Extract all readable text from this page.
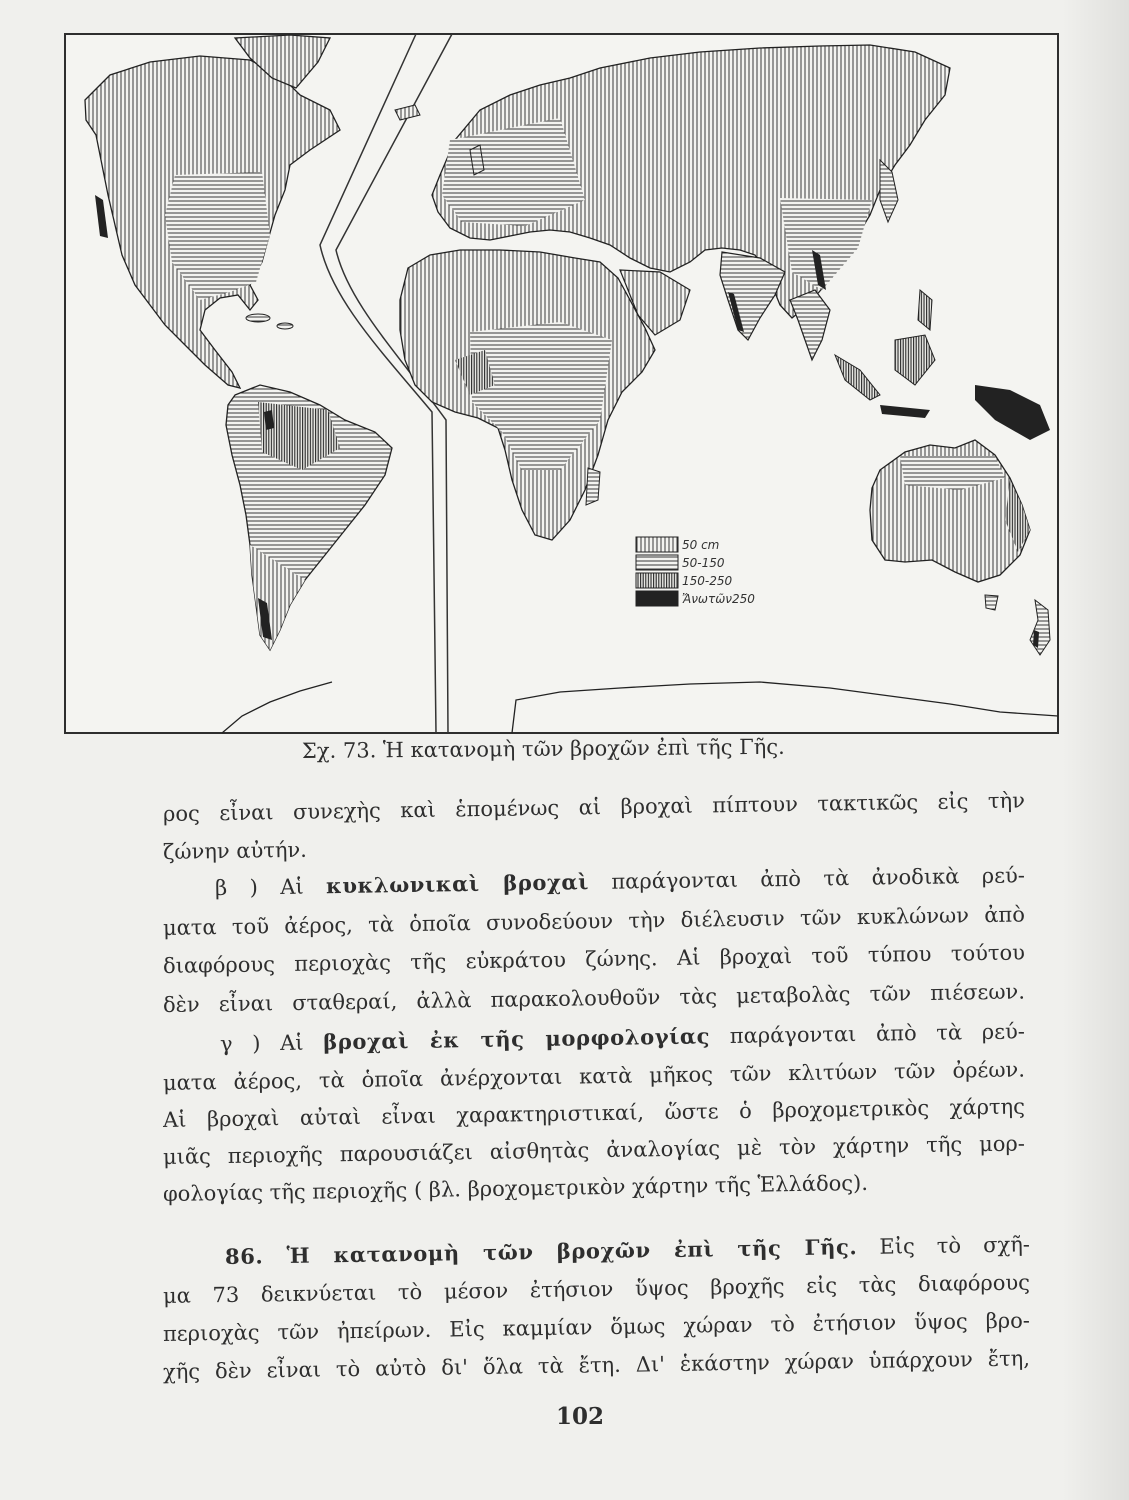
50 cm
50-150
150-250
Ἄνωτῶν250
Σχ. 73. Ἡ κατανομὴ τῶν βροχῶν ἐπὶ τῆς Γῆς.
ρος εἶναι συνεχὴς καὶ ἑπομένως αἱ βροχαὶ πίπτουν τακτικῶς εἰς τὴν
ζώνην αὐτήν.
β ) Αἱ κυκλωνικαὶ βροχαὶ παράγονται ἀπὸ τὰ ἀνοδικὰ ρεύ-
ματα τοῦ ἀέρος, τὰ ὁποῖα συνοδεύουν τὴν διέλευσιν τῶν κυκλώνων ἀπὸ
διαφόρους περιοχὰς τῆς εὐκράτου ζώνης. Αἱ βροχαὶ τοῦ τύπου τούτου
δὲν εἶναι σταθεραί, ἀλλὰ παρακολουθοῦν τὰς μεταβολὰς τῶν πιέσεων.
γ ) Αἱ βροχαὶ ἐκ τῆς μορφολογίας παράγονται ἀπὸ τὰ ρεύ-
ματα ἀέρος, τὰ ὁποῖα ἀνέρχονται κατὰ μῆκος τῶν κλιτύων τῶν ὀρέων.
Αἱ βροχαὶ αὐταὶ εἶναι χαρακτηριστικαί, ὥστε ὁ βροχομετρικὸς χάρτης
μιᾶς περιοχῆς παρουσιάζει αἰσθητὰς ἀναλογίας μὲ τὸν χάρτην τῆς μορ-
φολογίας τῆς περιοχῆς ( βλ. βροχομετρικὸν χάρτην τῆς Ἑλλάδος).
86. Ἡ κατανομὴ τῶν βροχῶν ἐπὶ τῆς Γῆς. Εἰς τὸ σχῆ-
μα 73 δεικνύεται τὸ μέσον ἐτήσιον ὕψος βροχῆς εἰς τὰς διαφόρους
περιοχὰς τῶν ἠπείρων. Εἰς καμμίαν ὅμως χώραν τὸ ἐτήσιον ὕψος βρο-
χῆς δὲν εἶναι τὸ αὐτὸ δι' ὅλα τὰ ἔτη. Δι' ἑκάστην χώραν ὑπάρχουν ἔτη,
102
